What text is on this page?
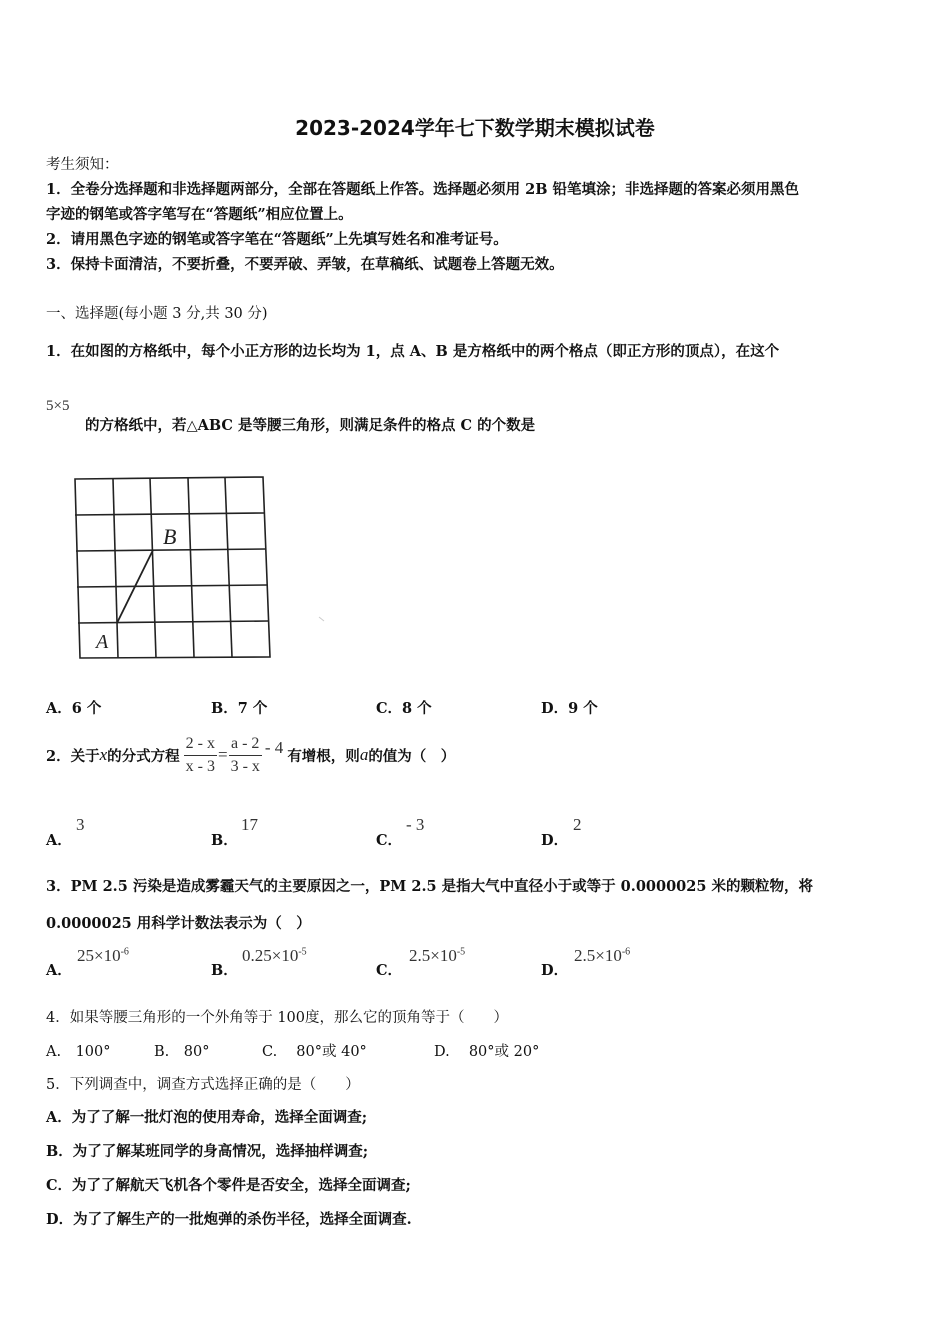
2023-2024学年七下数学期末模拟试卷
考生须知：
1．全卷分选择题和非选择题两部分，全部在答题纸上作答。选择题必须用 2B 铅笔填涂；非选择题的答案必须用黑色
字迹的钢笔或答字笔写在“答题纸”相应位置上。
2．请用黑色字迹的钢笔或答字笔在“答题纸”上先填写姓名和准考证号。
3．保持卡面清洁，不要折叠，不要弄破、弄皱，在草稿纸、试题卷上答题无效。
一、选择题(每小题 3 分,共 30 分)
1．在如图的方格纸中，每个小正方形的边长均为 1，点 A、B 是方格纸中的两个格点（即正方形的顶点），在这个
5×5
的方格纸中，若△ABC 是等腰三角形，则满足条件的格点 C 的个数是
A
B
A．6 个	B．7 个	C．8 个	D．9 个
2．关于 x 的分式方程 $\frac{2 - x}{x - 3} = \frac{a - 2}{3 - x} - 4$ 有增根，则 a 的值为（　）
A．
3
B．
17
C．
- 3
D．
2
3．PM 2.5 污染是造成雾霾天气的主要原因之一，PM 2.5 是指大气中直径小于或等于 0.0000025 米的颗粒物，将
0.0000025 用科学计数法表示为（　）
A．
$25\times 10^{-6}$
B．
$0.25\times 10^{-5}$
C．
$2.5\times 10^{-5}$
D．
$2.5\times 10^{-6}$
4．如果等腰三角形的一个外角等于 100度，那么它的顶角等于（　　）
A.　100°	B.　80°	C.　 80°或 40°	D.　 80°或 20°
5．下列调查中，调查方式选择正确的是（　　）
A．为了了解一批灯泡的使用寿命，选择全面调查;
B．为了了解某班同学的身高情况，选择抽样调查;
C．为了了解航天飞机各个零件是否安全，选择全面调查;
D．为了了解生产的一批炮弹的杀伤半径，选择全面调查.
